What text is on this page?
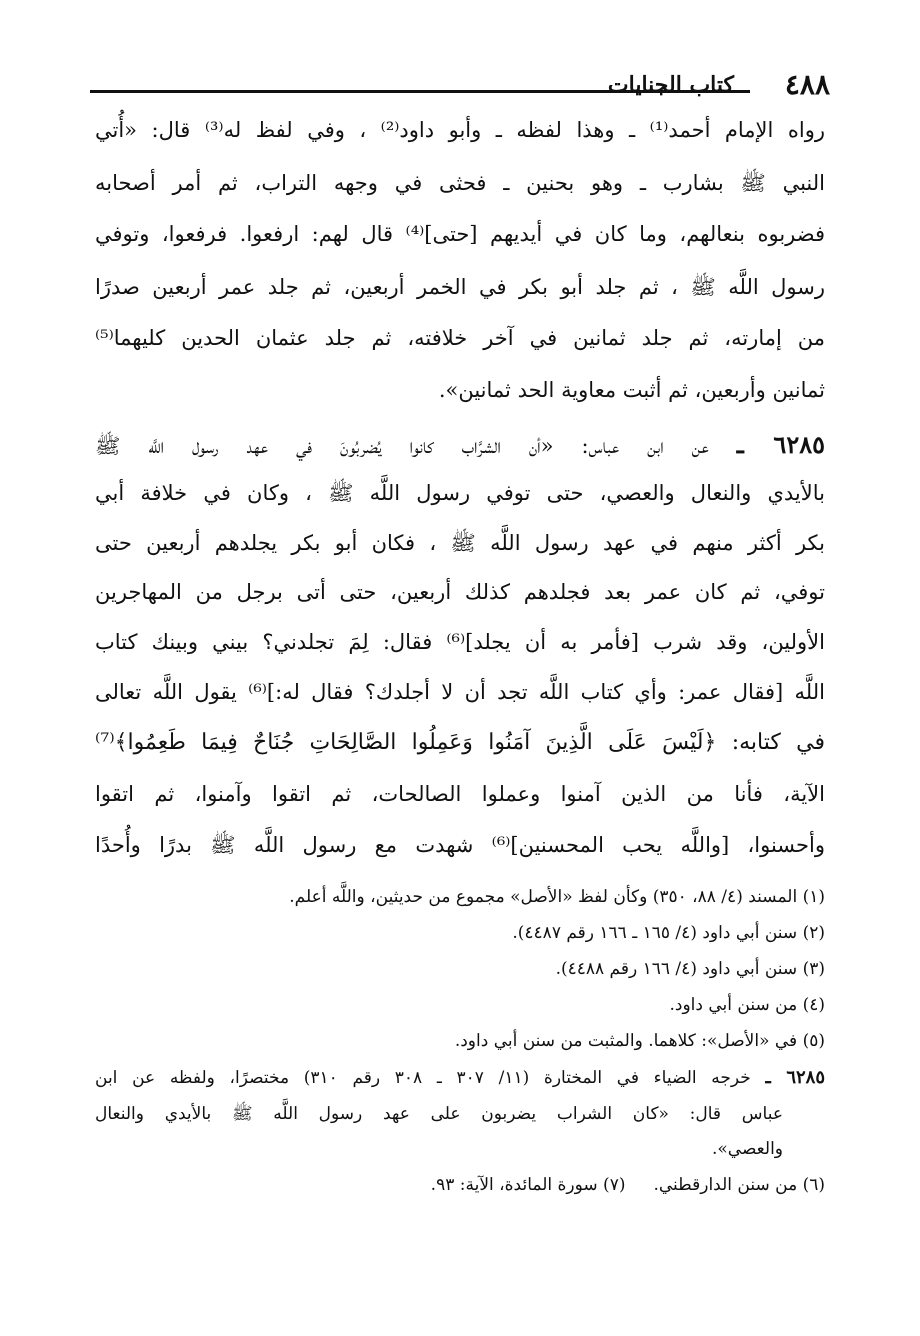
٤٨٨
كتاب الجنايات
رواه الإمام أحمد⁽¹⁾ ـ وهذا لفظه ـ وأبو داود⁽²⁾ ، وفي لفظ له⁽³⁾ قال: «أُتي
النبي ﷺ بشارب ـ وهو بحنين ـ فحثى في وجهه التراب، ثم أمر أصحابه
فضربوه بنعالهم، وما كان في أيديهم [حتى]⁽⁴⁾ قال لهم: ارفعوا. فرفعوا، وتوفي
رسول اللَّه ﷺ ، ثم جلد أبو بكر في الخمر أربعين، ثم جلد عمر أربعين صدرًا
من إمارته، ثم جلد ثمانين في آخر خلافته، ثم جلد عثمان الحدين كليهما⁽⁵⁾
ثمانين وأربعين، ثم أثبت معاوية الحد ثمانين».
٦٢٨٥ ـ عن ابن عباس: «أن الشرَّاب كانوا يُضربُونَ في عهد رسول اللَّه ﷺ
بالأيدي والنعال والعصي، حتى توفي رسول اللَّه ﷺ ، وكان في خلافة أبي
بكر أكثر منهم في عهد رسول اللَّه ﷺ ، فكان أبو بكر يجلدهم أربعين حتى
توفي، ثم كان عمر بعد فجلدهم كذلك أربعين، حتى أتى برجل من المهاجرين
الأولين، وقد شرب [فأمر به أن يجلد]⁽⁶⁾ فقال: لِمَ تجلدني؟ بيني وبينك كتاب
اللَّه [فقال عمر: وأي كتاب اللَّه تجد أن لا أجلدك؟ فقال له:]⁽⁶⁾ يقول اللَّه تعالى
في كتابه: ﴿لَيْسَ عَلَى الَّذِينَ آمَنُوا وَعَمِلُوا الصَّالِحَاتِ جُنَاحٌ فِيمَا طَعِمُوا﴾⁽⁷⁾
الآية، فأنا من الذين آمنوا وعملوا الصالحات، ثم اتقوا وآمنوا، ثم اتقوا
وأحسنوا، [واللَّه يحب المحسنين]⁽⁶⁾ شهدت مع رسول اللَّه ﷺ بدرًا وأُحدًا
(١) المسند (٤/ ٨٨، ٣٥٠) وكأن لفظ «الأصل» مجموع من حديثين، واللَّه أعلم.
(٢) سنن أبي داود (٤/ ١٦٥ ـ ١٦٦ رقم ٤٤٨٧).
(٣) سنن أبي داود (٤/ ١٦٦ رقم ٤٤٨٨).
(٤) من سنن أبي داود.
(٥) في «الأصل»: كلاهما. والمثبت من سنن أبي داود.
٦٢٨٥ ـ خرجه الضياء في المختارة (١١/ ٣٠٧ ـ ٣٠٨ رقم ٣١٠) مختصرًا، ولفظه عن ابن
عباس قال: «كان الشراب يضربون على عهد رسول اللَّه ﷺ بالأيدي والنعال
والعصي».
(٦) من سنن الدارقطني.(٧) سورة المائدة، الآية: ٩٣.
